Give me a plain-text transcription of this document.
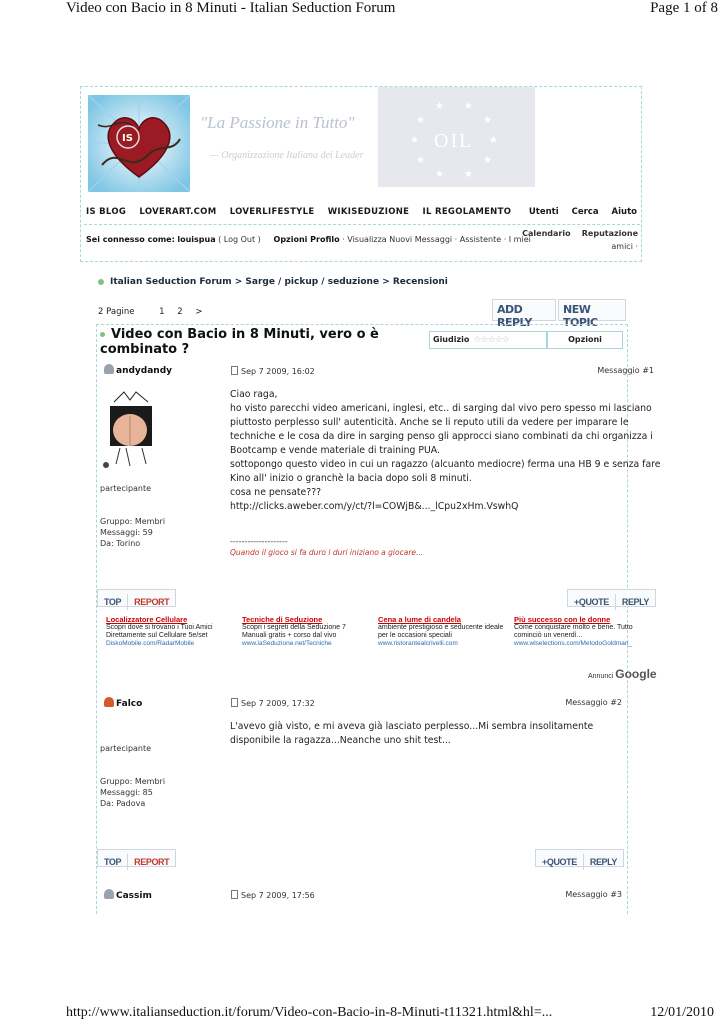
Video con Bacio in 8 Minuti - Italian Seduction Forum	Page 1 of 8
http://www.italianseduction.it/forum/Video-con-Bacio-in-8-Minuti-t11321.html&hl=...	12/01/2010
IS
"La Passione in Tutto"
— Organizzazione Italiana dei Leader
★ ★
★	★
★	★
★	★
★ ★
OIL
IS BLOG LOVERART.COM LOVERLIFESTYLE WIKISEDUZIONE IL REGOLAMENTO	Utenti Cerca Aiuto
Sei connesso come: louispua ( Log Out ) Opzioni Profilo · Visualizza Nuovi Messaggi · Assistente · I miei
Calendario Reputazione
amici ·
Italian Seduction Forum > Sarge / pickup / seduzione > Recensioni
2 Pagine	1 2 >	ADD REPLY
NEW TOPIC
Video con Bacio in 8 Minuti, vero o è combinato ?
Giudizio ☆☆☆☆☆	Opzioni
andydandy	Sep 7 2009, 16:02	Messaggio #1
partecipante
Gruppo: Membri
Messaggi: 59
Da: Torino
Ciao raga,
ho visto parecchi video americani, inglesi, etc.. di sarging dal vivo pero spesso mi lasciano
piuttosto perplesso sull' autenticità. Anche se li reputo utili da vedere per imparare le
techniche e le cosa da dire in sarging penso gli approcci siano combinati da chi organizza i
Bootcamp e vende materiale di training PUA.
sottopongo questo video in cui un ragazzo (alcuanto mediocre) ferma una HB 9 e senza fare
Kino all' inizio o granchè la bacia dopo soli 8 minuti.
cosa ne pensate???
http://clicks.aweber.com/y/ct/?l=COWjB&..._lCpu2xHm.VswhQ
--------------------
Quando il gioco si fa duro i duri iniziano a giocare...
TOP REPORT	+QUOTE REPLY
Localizzatore Cellulare
Scopri dove si trovano i Tuoi Amici Direttamente sul Cellulare 5e/set
DiskoMobile.com/RadarMobile
Tecniche di Seduzione
Scopri i segreti della Seduzione 7 Manuali gratis + corso dal vivo
www.laSeduzione.net/Tecniche
Cena a lume di candela
ambiente prestigioso e seducente ideale per le occasioni speciali
www.ristorantealcrivelli.com
Più successo con le donne
Come conquistare molto e bene. Tutto cominciò un venerdì...
www.wlselections.com/MetodoGoldman_
Annunci Google
Falco	Sep 7 2009, 17:32	Messaggio #2
partecipante
Gruppo: Membri
Messaggi: 85
Da: Padova
L'avevo già visto, e mi aveva già lasciato perplesso...Mi sembra insolitamente
disponibile la ragazza...Neanche uno shit test...
TOP REPORT	+QUOTE REPLY
Cassim	Sep 7 2009, 17:56	Messaggio #3
